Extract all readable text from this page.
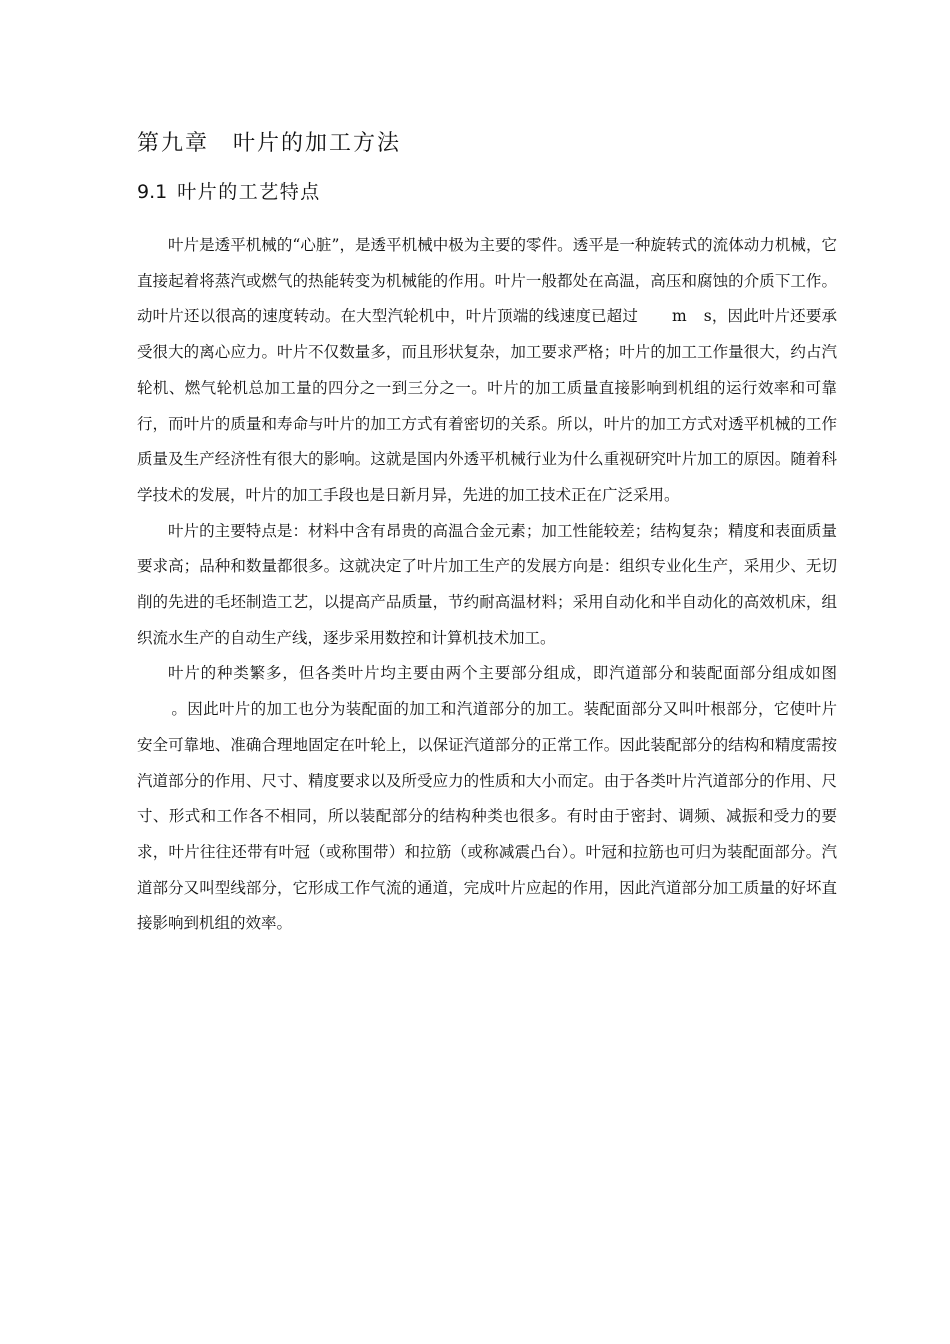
第九章 叶片的加工方法
9.1 叶片的工艺特点

叶片是透平机械的“心脏”，是透平机械中极为主要的零件。透平是一种旋转式的流体动力机械，它直接起着将蒸汽或燃气的热能转变为机械能的作用。叶片一般都处在高温，高压和腐蚀的介质下工作。动叶片还以很高的速度转动。在大型汽轮机中，叶片顶端的线速度已超过 m s，因此叶片还要承受很大的离心应力。叶片不仅数量多，而且形状复杂，加工要求严格；叶片的加工工作量很大，约占汽轮机、燃气轮机总加工量的四分之一到三分之一。叶片的加工质量直接影响到机组的运行效率和可靠行，而叶片的质量和寿命与叶片的加工方式有着密切的关系。所以，叶片的加工方式对透平机械的工作质量及生产经济性有很大的影响。这就是国内外透平机械行业为什么重视研究叶片加工的原因。随着科学技术的发展，叶片的加工手段也是日新月异，先进的加工技术正在广泛采用。

叶片的主要特点是：材料中含有昂贵的高温合金元素；加工性能较差；结构复杂；精度和表面质量要求高；品种和数量都很多。这就决定了叶片加工生产的发展方向是：组织专业化生产，采用少、无切削的先进的毛坯制造工艺，以提高产品质量，节约耐高温材料；采用自动化和半自动化的高效机床，组织流水生产的自动生产线，逐步采用数控和计算机技术加工。

叶片的种类繁多，但各类叶片均主要由两个主要部分组成，即汽道部分和装配面部分组成如图。因此叶片的加工也分为装配面的加工和汽道部分的加工。装配面部分又叫叶根部分，它使叶片安全可靠地、准确合理地固定在叶轮上，以保证汽道部分的正常工作。因此装配部分的结构和精度需按汽道部分的作用、尺寸、精度要求以及所受应力的性质和大小而定。由于各类叶片汽道部分的作用、尺寸、形式和工作各不相同，所以装配部分的结构种类也很多。有时由于密封、调频、减振和受力的要求，叶片往往还带有叶冠（或称围带）和拉筋（或称减震凸台）。叶冠和拉筋也可归为装配面部分。汽道部分又叫型线部分，它形成工作气流的通道，完成叶片应起的作用，因此汽道部分加工质量的好坏直接影响到机组的效率。
